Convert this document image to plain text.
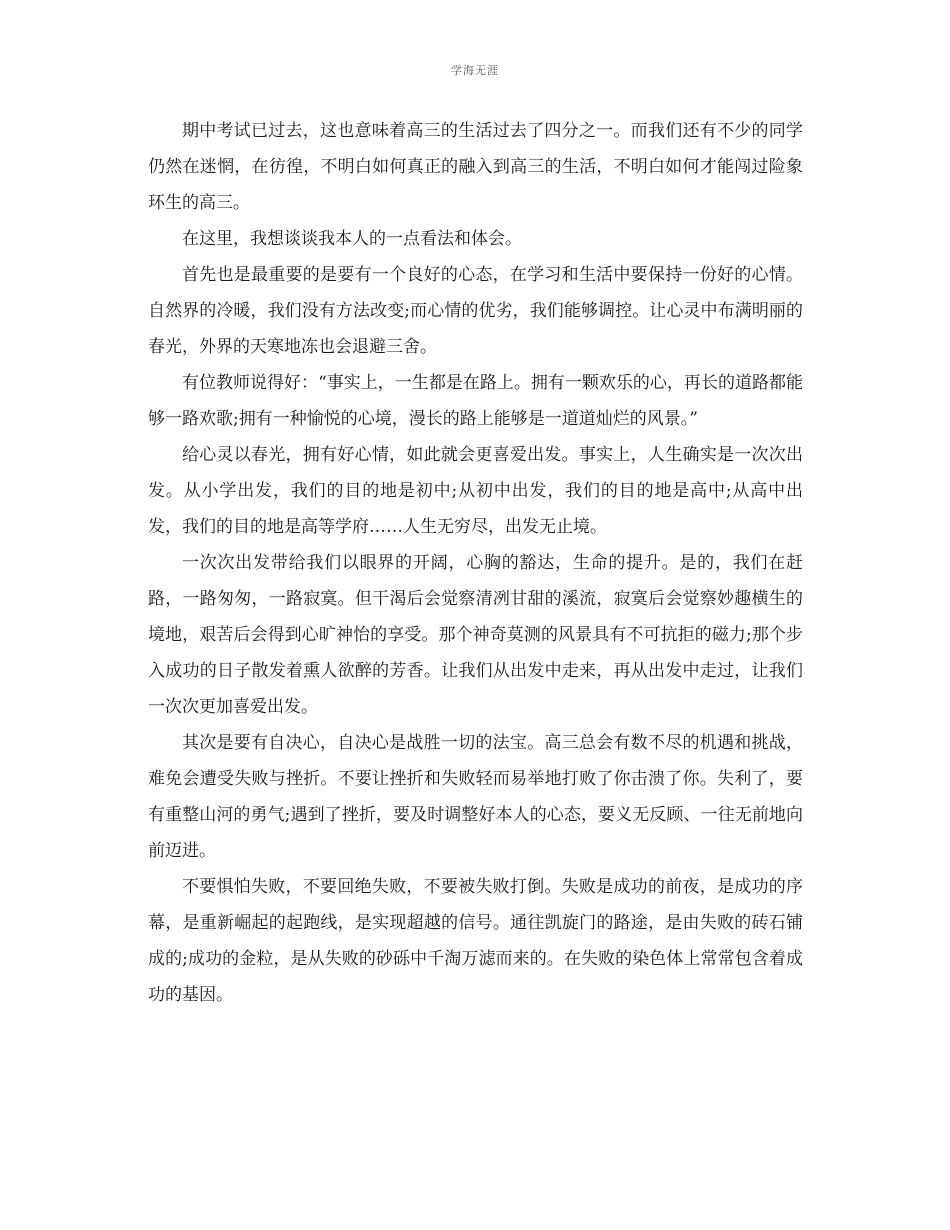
学海无涯

期中考试已过去，这也意味着高三的生活过去了四分之一。而我们还有不少的同学仍然在迷惘，在彷徨，不明白如何真正的融入到高三的生活，不明白如何才能闯过险象环生的高三。

在这里，我想谈谈我本人的一点看法和体会。

首先也是最重要的是要有一个良好的心态，在学习和生活中要保持一份好的心情。自然界的冷暖，我们没有方法改变;而心情的优劣，我们能够调控。让心灵中布满明丽的春光，外界的天寒地冻也会退避三舍。

有位教师说得好：“事实上，一生都是在路上。拥有一颗欢乐的心，再长的道路都能够一路欢歌;拥有一种愉悦的心境，漫长的路上能够是一道道灿烂的风景。”

给心灵以春光，拥有好心情，如此就会更喜爱出发。事实上，人生确实是一次次出发。从小学出发，我们的目的地是初中;从初中出发，我们的目的地是高中;从高中出发，我们的目的地是高等学府……人生无穷尽，出发无止境。

一次次出发带给我们以眼界的开阔，心胸的豁达，生命的提升。是的，我们在赶路，一路匆匆，一路寂寞。但干渴后会觉察清冽甘甜的溪流，寂寞后会觉察妙趣横生的境地，艰苦后会得到心旷神怡的享受。那个神奇莫测的风景具有不可抗拒的磁力;那个步入成功的日子散发着熏人欲醉的芳香。让我们从出发中走来，再从出发中走过，让我们一次次更加喜爱出发。

其次是要有自决心，自决心是战胜一切的法宝。高三总会有数不尽的机遇和挑战，难免会遭受失败与挫折。不要让挫折和失败轻而易举地打败了你击溃了你。失利了，要有重整山河的勇气;遇到了挫折，要及时调整好本人的心态，要义无反顾、一往无前地向前迈进。

不要惧怕失败，不要回绝失败，不要被失败打倒。失败是成功的前夜，是成功的序幕，是重新崛起的起跑线，是实现超越的信号。通往凯旋门的路途，是由失败的砖石铺成的;成功的金粒，是从失败的砂砾中千淘万滤而来的。在失败的染色体上常常包含着成功的基因。
